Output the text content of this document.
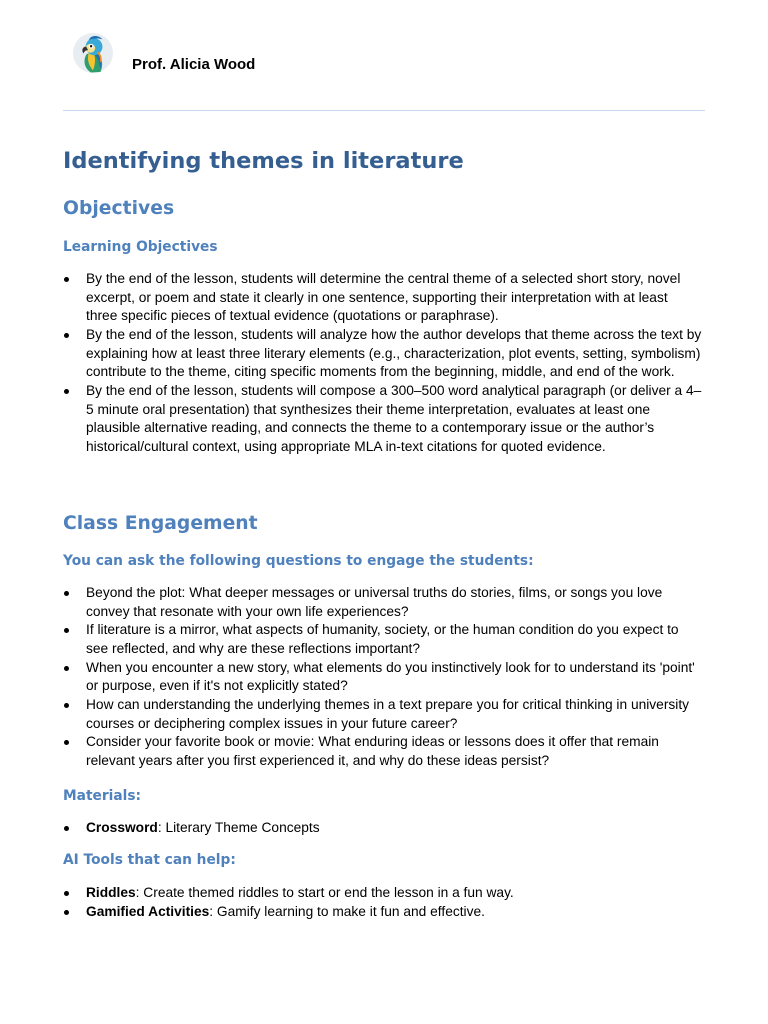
Prof. Alicia Wood
Identifying themes in literature
Objectives
Learning Objectives
By the end of the lesson, students will determine the central theme of a selected short story, novel excerpt, or poem and state it clearly in one sentence, supporting their interpretation with at least three specific pieces of textual evidence (quotations or paraphrase).
By the end of the lesson, students will analyze how the author develops that theme across the text by explaining how at least three literary elements (e.g., characterization, plot events, setting, symbolism) contribute to the theme, citing specific moments from the beginning, middle, and end of the work.
By the end of the lesson, students will compose a 300–500 word analytical paragraph (or deliver a 4–5 minute oral presentation) that synthesizes their theme interpretation, evaluates at least one plausible alternative reading, and connects the theme to a contemporary issue or the author’s historical/cultural context, using appropriate MLA in-text citations for quoted evidence.
Class Engagement
You can ask the following questions to engage the students:
Beyond the plot: What deeper messages or universal truths do stories, films, or songs you love convey that resonate with your own life experiences?
If literature is a mirror, what aspects of humanity, society, or the human condition do you expect to see reflected, and why are these reflections important?
When you encounter a new story, what elements do you instinctively look for to understand its 'point' or purpose, even if it's not explicitly stated?
How can understanding the underlying themes in a text prepare you for critical thinking in university courses or deciphering complex issues in your future career?
Consider your favorite book or movie: What enduring ideas or lessons does it offer that remain relevant years after you first experienced it, and why do these ideas persist?
Materials:
Crossword: Literary Theme Concepts
AI Tools that can help:
Riddles: Create themed riddles to start or end the lesson in a fun way.
Gamified Activities: Gamify learning to make it fun and effective.
